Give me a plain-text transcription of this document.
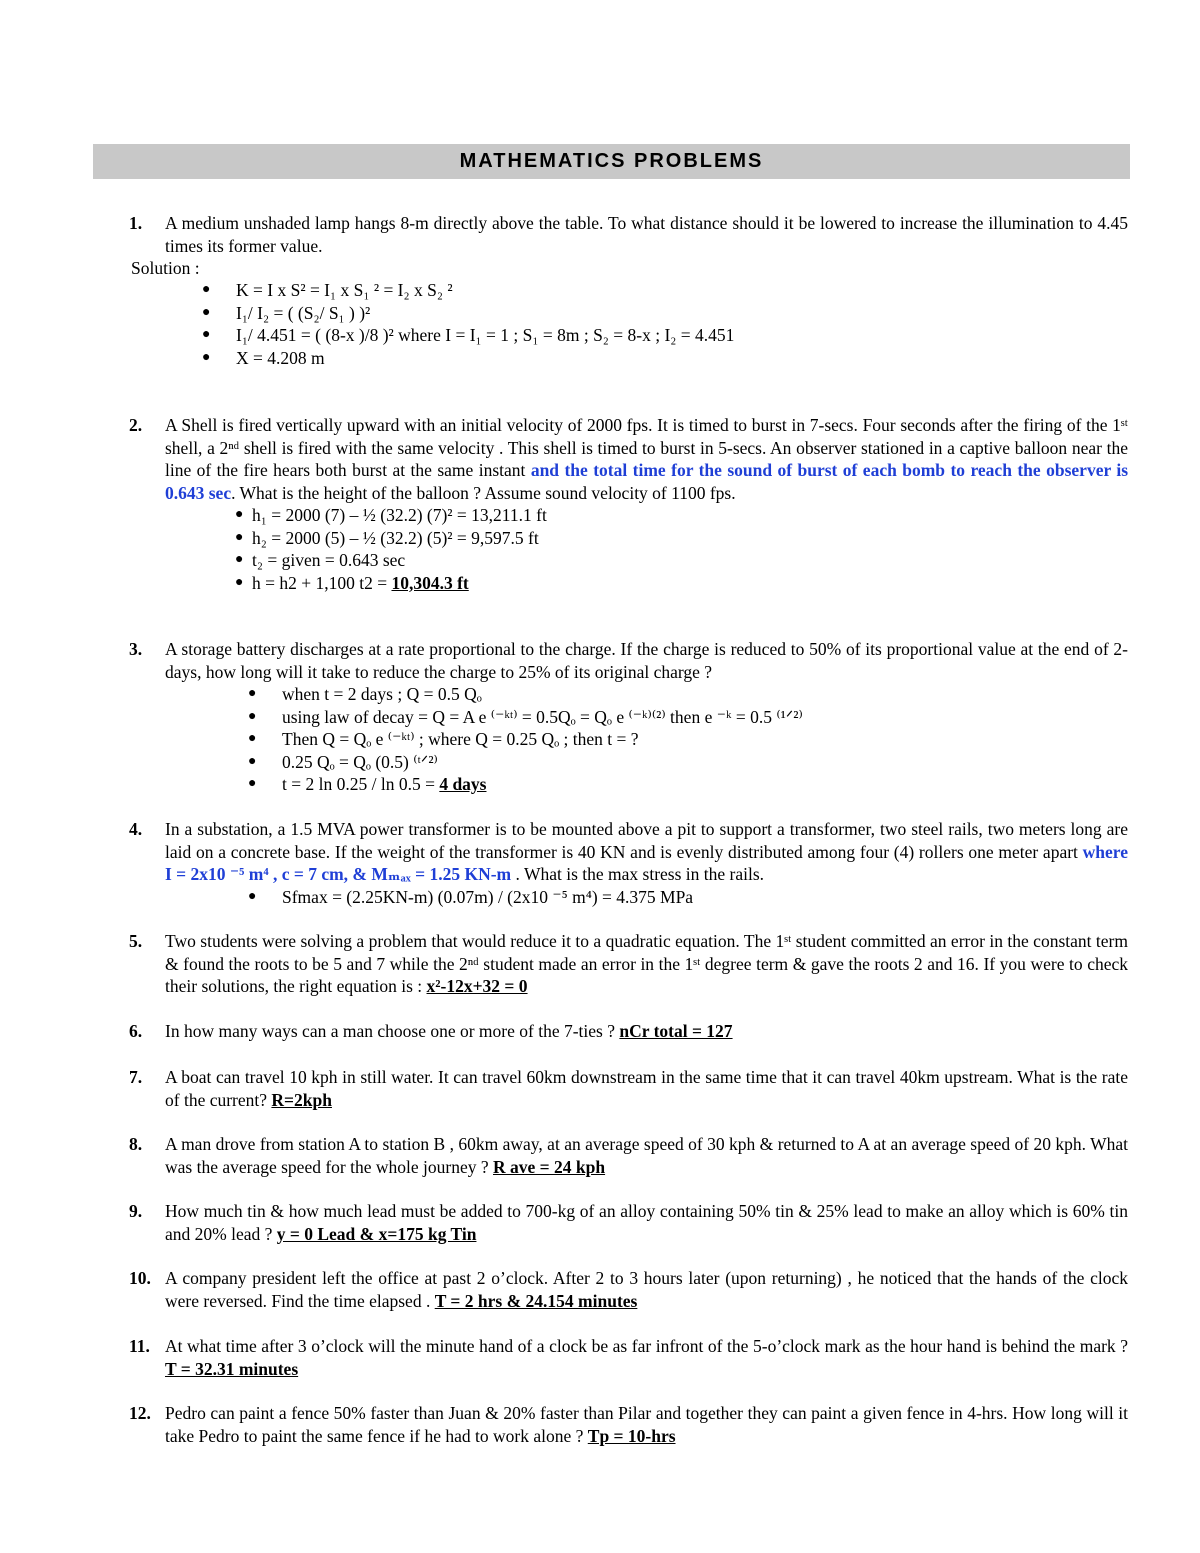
MATHEMATICS PROBLEMS
1. A medium unshaded lamp hangs 8-m directly above the table. To what distance should it be lowered to increase the illumination to 4.45 times its former value.
Solution :
● K = I x S² = I₁ x S₁ ² = I₂ x S₂ ²
● I₁/ I₂ = ( (S₂/ S₁ ) )²
● I₁/ 4.451 = ( (8-x )/8 )² where I = I₁ = 1 ; S₁ = 8m ; S₂ = 8-x ; I₂ = 4.451
● X = 4.208 m
2. A Shell is fired vertically upward with an initial velocity of 2000 fps. It is timed to burst in 7-secs. Four seconds after the firing of the 1ˢᵗ shell, a 2ⁿᵈ shell is fired with the same velocity . This shell is timed to burst in 5-secs. An observer stationed in a captive balloon near the line of the fire hears both burst at the same instant and the total time for the sound of burst of each bomb to reach the observer is 0.643 sec. What is the height of the balloon ? Assume sound velocity of 1100 fps.
● h₁ = 2000 (7) – ½ (32.2) (7)² = 13,211.1 ft
● h₂ = 2000 (5) – ½ (32.2) (5)² = 9,597.5 ft
● t₂ = given = 0.643 sec
● h = h2 + 1,100 t2 = 10,304.3 ft
3. A storage battery discharges at a rate proportional to the charge. If the charge is reduced to 50% of its proportional value at the end of 2-days, how long will it take to reduce the charge to 25% of its original charge ?
● when t = 2 days ; Q = 0.5 Qₒ
● using law of decay = Q = A e ⁽⁻ᵏᵗ⁾ = 0.5Qₒ = Qₒ e ⁽⁻ᵏ⁾⁽²⁾ then e ⁻ᵏ = 0.5 ⁽¹ᐟ²⁾
● Then Q = Qₒ e ⁽⁻ᵏᵗ⁾ ; where Q = 0.25 Qₒ ; then t = ?
● 0.25 Qₒ = Qₒ (0.5) ⁽ᵗᐟ²⁾
● t = 2 ln 0.25 / ln 0.5 = 4 days
4. In a substation, a 1.5 MVA power transformer is to be mounted above a pit to support a transformer, two steel rails, two meters long are laid on a concrete base. If the weight of the transformer is 40 KN and is evenly distributed among four (4) rollers one meter apart where I = 2x10 ⁻⁵ m⁴ , c = 7 cm, & Mₘₐₓ = 1.25 KN-m . What is the max stress in the rails.
● Sfmax = (2.25KN-m) (0.07m) / (2x10 ⁻⁵ m⁴) = 4.375 MPa
5. Two students were solving a problem that would reduce it to a quadratic equation. The 1ˢᵗ student committed an error in the constant term & found the roots to be 5 and 7 while the 2ⁿᵈ student made an error in the 1ˢᵗ degree term & gave the roots 2 and 16. If you were to check their solutions, the right equation is : x²-12x+32 = 0
6. In how many ways can a man choose one or more of the 7-ties ? nCr total = 127
7. A boat can travel 10 kph in still water. It can travel 60km downstream in the same time that it can travel 40km upstream. What is the rate of the current? R=2kph
8. A man drove from station A to station B , 60km away, at an average speed of 30 kph & returned to A at an average speed of 20 kph. What was the average speed for the whole journey ? R ave = 24 kph
9. How much tin & how much lead must be added to 700-kg of an alloy containing 50% tin & 25% lead to make an alloy which is 60% tin and 20% lead ? y = 0 Lead & x=175 kg Tin
10. A company president left the office at past 2 o’clock. After 2 to 3 hours later (upon returning) , he noticed that the hands of the clock were reversed. Find the time elapsed . T = 2 hrs & 24.154 minutes
11. At what time after 3 o’clock will the minute hand of a clock be as far infront of the 5-o’clock mark as the hour hand is behind the mark ? T = 32.31 minutes
12. Pedro can paint a fence 50% faster than Juan & 20% faster than Pilar and together they can paint a given fence in 4-hrs. How long will it take Pedro to paint the same fence if he had to work alone ? Tp = 10-hrs
